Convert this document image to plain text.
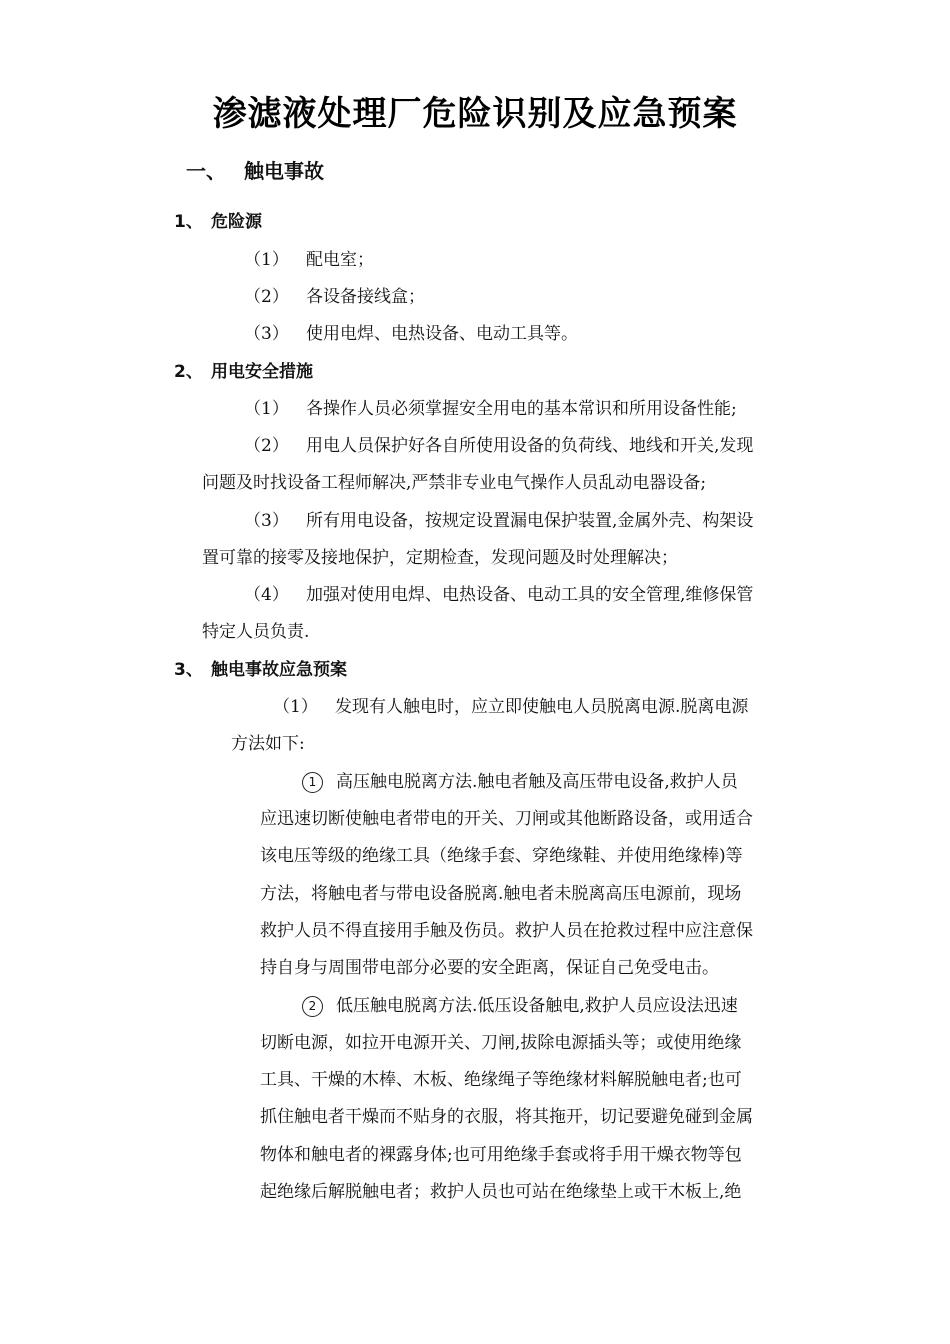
渗滤液处理厂危险识别及应急预案
一、 触电事故
1、 危险源
（1） 配电室；
（2） 各设备接线盒；
（3） 使用电焊、电热设备、电动工具等。
2、 用电安全措施
（1） 各操作人员必须掌握安全用电的基本常识和所用设备性能;
（2） 用电人员保护好各自所使用设备的负荷线、地线和开关,发现
问题及时找设备工程师解决,严禁非专业电气操作人员乱动电器设备;
（3） 所有用电设备，按规定设置漏电保护装置,金属外壳、构架设
置可靠的接零及接地保护，定期检查，发现问题及时处理解决；
（4） 加强对使用电焊、电热设备、电动工具的安全管理,维修保管
特定人员负责.
3、 触电事故应急预案
（1） 发现有人触电时，应立即使触电人员脱离电源.脱离电源
方法如下:
1 高压触电脱离方法.触电者触及高压带电设备,救护人员
应迅速切断使触电者带电的开关、刀闸或其他断路设备，或用适合
该电压等级的绝缘工具（绝缘手套、穿绝缘鞋、并使用绝缘棒)等
方法，将触电者与带电设备脱离.触电者未脱离高压电源前，现场
救护人员不得直接用手触及伤员。救护人员在抢救过程中应注意保
持自身与周围带电部分必要的安全距离，保证自己免受电击。
2 低压触电脱离方法.低压设备触电,救护人员应设法迅速
切断电源，如拉开电源开关、刀闸,拔除电源插头等；或使用绝缘
工具、干燥的木棒、木板、绝缘绳子等绝缘材料解脱触电者;也可
抓住触电者干燥而不贴身的衣服，将其拖开，切记要避免碰到金属
物体和触电者的裸露身体;也可用绝缘手套或将手用干燥衣物等包
起绝缘后解脱触电者；救护人员也可站在绝缘垫上或干木板上,绝
